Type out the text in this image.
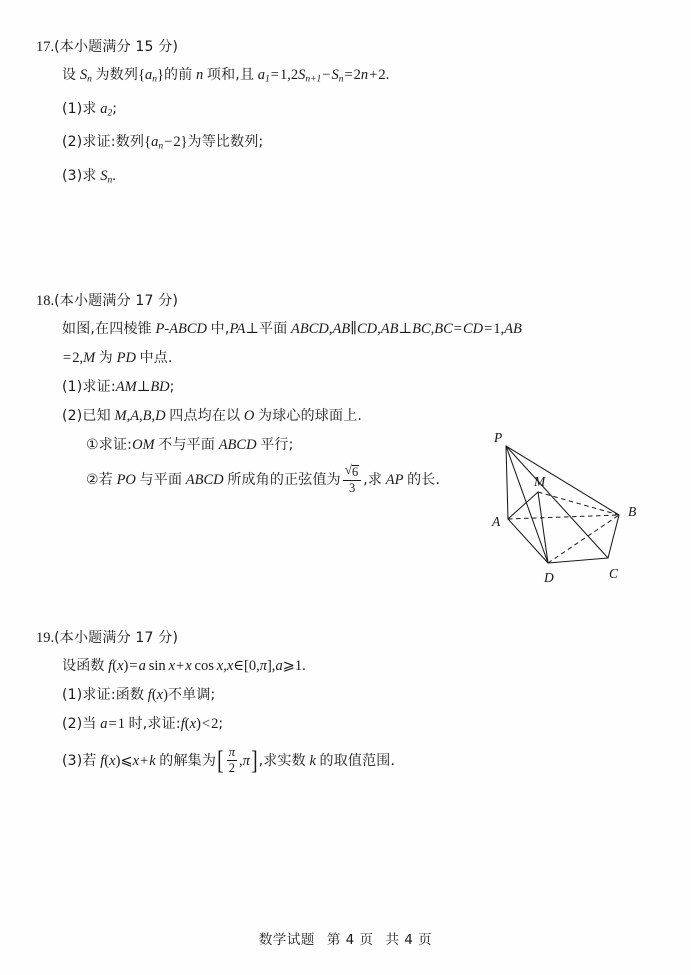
17.(本小题满分 15 分)
设 Sn 为数列{an}的前 n 项和,且 a1=1,2Sn+1−Sn=2n+2.
(1)求 a2;
(2)求证:数列{an−2}为等比数列;
(3)求 Sn.
18.(本小题满分 17 分)
如图,在四棱锥 P-ABCD 中,PA⊥平面 ABCD,AB∥CD,AB⊥BC,BC=CD=1,AB
=2,M 为 PD 中点.
(1)求证:AM⊥BD;
(2)已知 M,A,B,D 四点均在以 O 为球心的球面上.
①求证:OM 不与平面 ABCD 平行;
②若 PO 与平面 ABCD 所成角的正弦值为 $\frac{√6}{3}$ ,求 AP 的长.
P
A
B
C
D
M
19.(本小题满分 17 分)
设函数 f(x)=a sin x+x cos x,x∈[0,π],a⩾1.
(1)求证:函数 f(x)不单调;
(2)当 a=1 时,求证:f(x)<2;
(3)若 f(x)⩽x+k 的解集为[ $\frac{\pi}{2} ,\pi$],求实数 k 的取值范围.
数学试题 第 4 页 共 4 页
